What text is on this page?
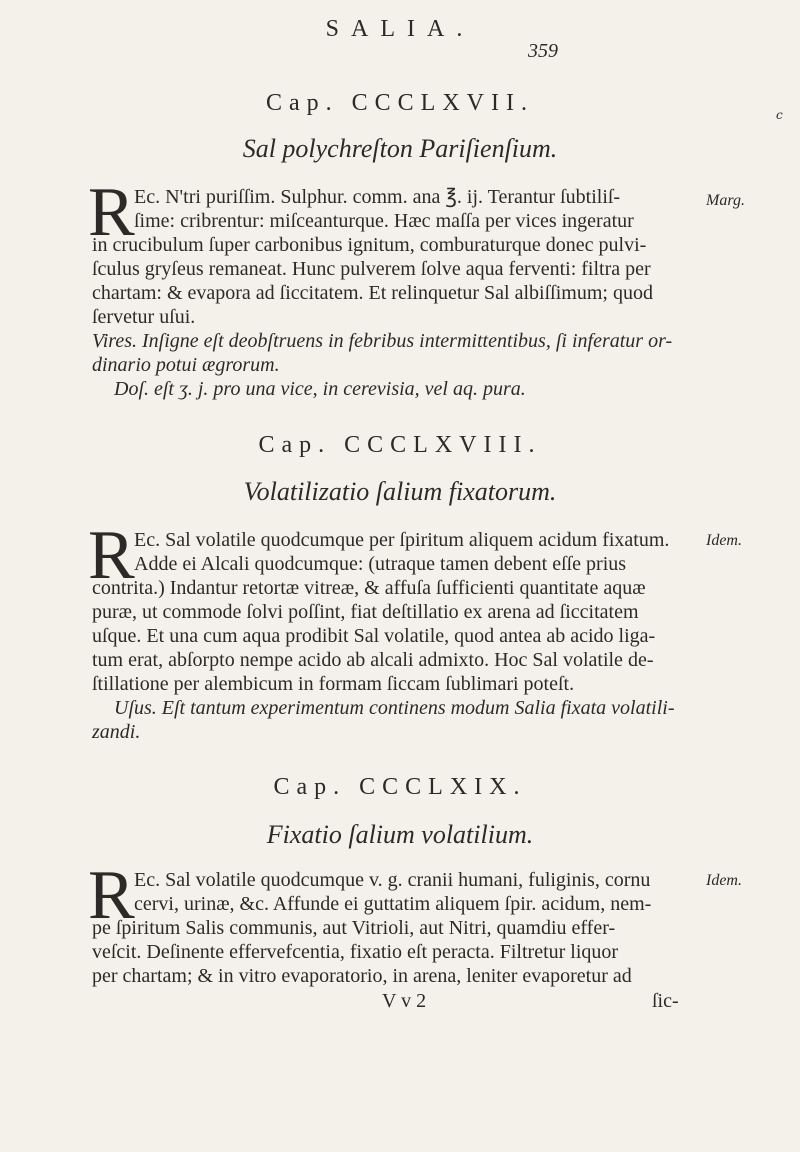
SALIA.
359
c
Cap. CCCLXVII.
Sal polychreſton Pariſienſium.
R Ec. N'tri puriſſim. Sulphur. comm. ana ℥. ij. Terantur ſubtiliſ-
ſime: cribrentur: miſceanturque. Hæc maſſa per vices ingeratur
in crucibulum ſuper carbonibus ignitum, comburaturque donec pulvi-
ſculus gryſeus remaneat. Hunc pulverem ſolve aqua ferventi: filtra per
chartam: & evapora ad ſiccitatem. Et relinquetur Sal albiſſimum; quod
ſervetur uſui.
Vires. Inſigne eſt deobſtruens in febribus intermittentibus, ſi inferatur or-
dinario potui ægrorum.
Doſ. eſt ʒ. j. pro una vice, in cerevisia, vel aq. pura.
Marg.
Cap. CCCLXVIII.
Volatilizatio ſalium fixatorum.
R Ec. Sal volatile quodcumque per ſpiritum aliquem acidum fixatum.
Adde ei Alcali quodcumque: (utraque tamen debent eſſe prius
contrita.) Indantur retortæ vitreæ, & affuſa ſufficienti quantitate aquæ
puræ, ut commode ſolvi poſſint, fiat deſtillatio ex arena ad ſiccitatem
uſque. Et una cum aqua prodibit Sal volatile, quod antea ab acido liga-
tum erat, abſorpto nempe acido ab alcali admixto. Hoc Sal volatile de-
ſtillatione per alembicum in formam ſiccam ſublimari poteſt.
Uſus. Eſt tantum experimentum continens modum Salia fixata volatili-
zandi.
Idem.
Cap. CCCLXIX.
Fixatio ſalium volatilium.
R Ec. Sal volatile quodcumque v. g. cranii humani, fuliginis, cornu
cervi, urinæ, &c. Affunde ei guttatim aliquem ſpir. acidum, nem-
pe ſpiritum Salis communis, aut Vitrioli, aut Nitri, quamdiu effer-
veſcit. Deſinente effervefcentia, fixatio eſt peracta. Filtretur liquor
per chartam; & in vitro evaporatorio, in arena, leniter evaporetur ad
V v 2	ſic-
Idem.
